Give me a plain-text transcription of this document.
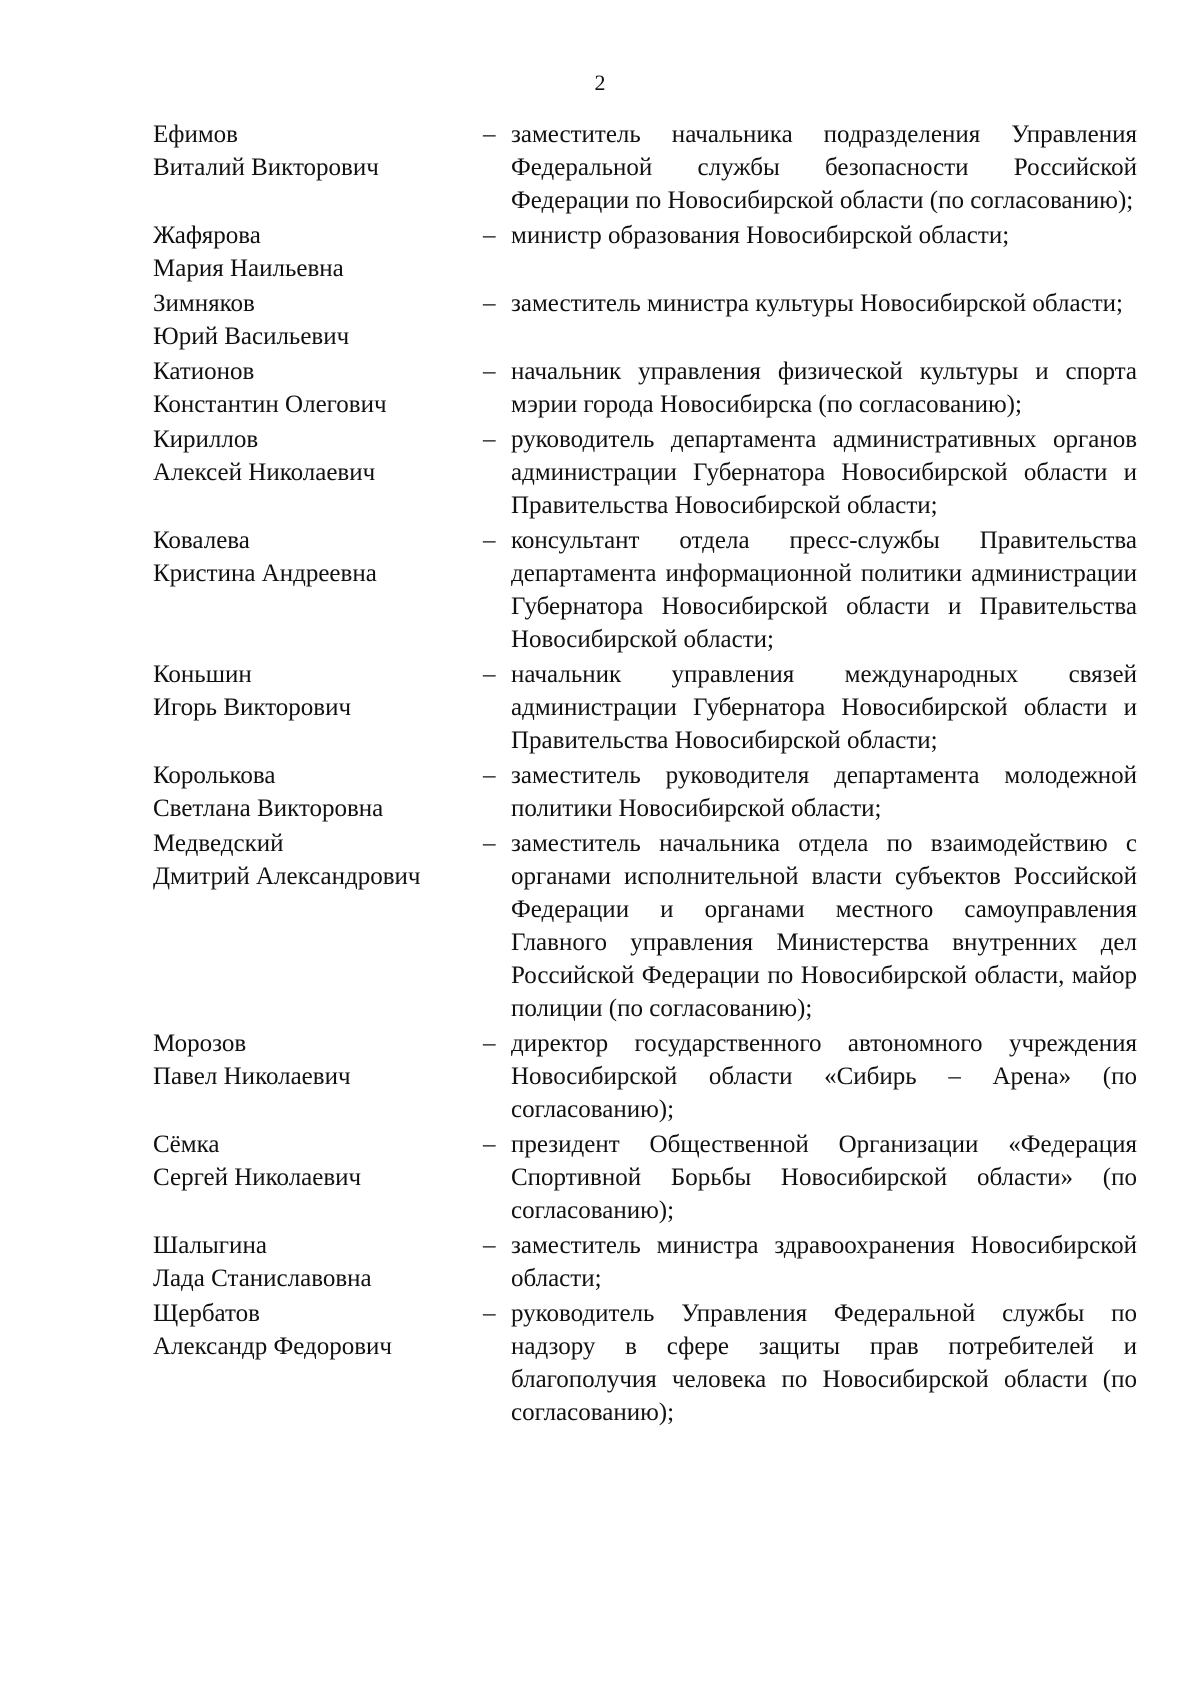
2
Ефимов
Виталий Викторович
– заместитель начальника подразделения Управления Федеральной службы безопасности Российской Федерации по Новосибирской области (по согласованию);
Жафярова
Мария Наильевна
– министр образования Новосибирской области;
Зимняков
Юрий Васильевич
– заместитель министра культуры Новосибирской области;
Катионов
Константин Олегович
– начальник управления физической культуры и спорта мэрии города Новосибирска (по согласованию);
Кириллов
Алексей Николаевич
– руководитель департамента административных органов администрации Губернатора Новосибирской области и Правительства Новосибирской области;
Ковалева
Кристина Андреевна
– консультант отдела пресс-службы Правительства департамента информационной политики администрации Губернатора Новосибирской области и Правительства Новосибирской области;
Коньшин
Игорь Викторович
– начальник управления международных связей администрации Губернатора Новосибирской области и Правительства Новосибирской области;
Королькова
Светлана Викторовна
– заместитель руководителя департамента молодежной политики Новосибирской области;
Медведский
Дмитрий Александрович
– заместитель начальника отдела по взаимодействию с органами исполнительной власти субъектов Российской Федерации и органами местного самоуправления Главного управления Министерства внутренних дел Российской Федерации по Новосибирской области, майор полиции (по согласованию);
Морозов
Павел Николаевич
– директор государственного автономного учреждения Новосибирской области «Сибирь – Арена» (по согласованию);
Сёмка
Сергей Николаевич
– президент Общественной Организации «Федерация Спортивной Борьбы Новосибирской области» (по согласованию);
Шалыгина
Лада Станиславовна
– заместитель министра здравоохранения Новосибирской области;
Щербатов
Александр Федорович
– руководитель Управления Федеральной службы по надзору в сфере защиты прав потребителей и благополучия человека по Новосибирской области (по согласованию);
